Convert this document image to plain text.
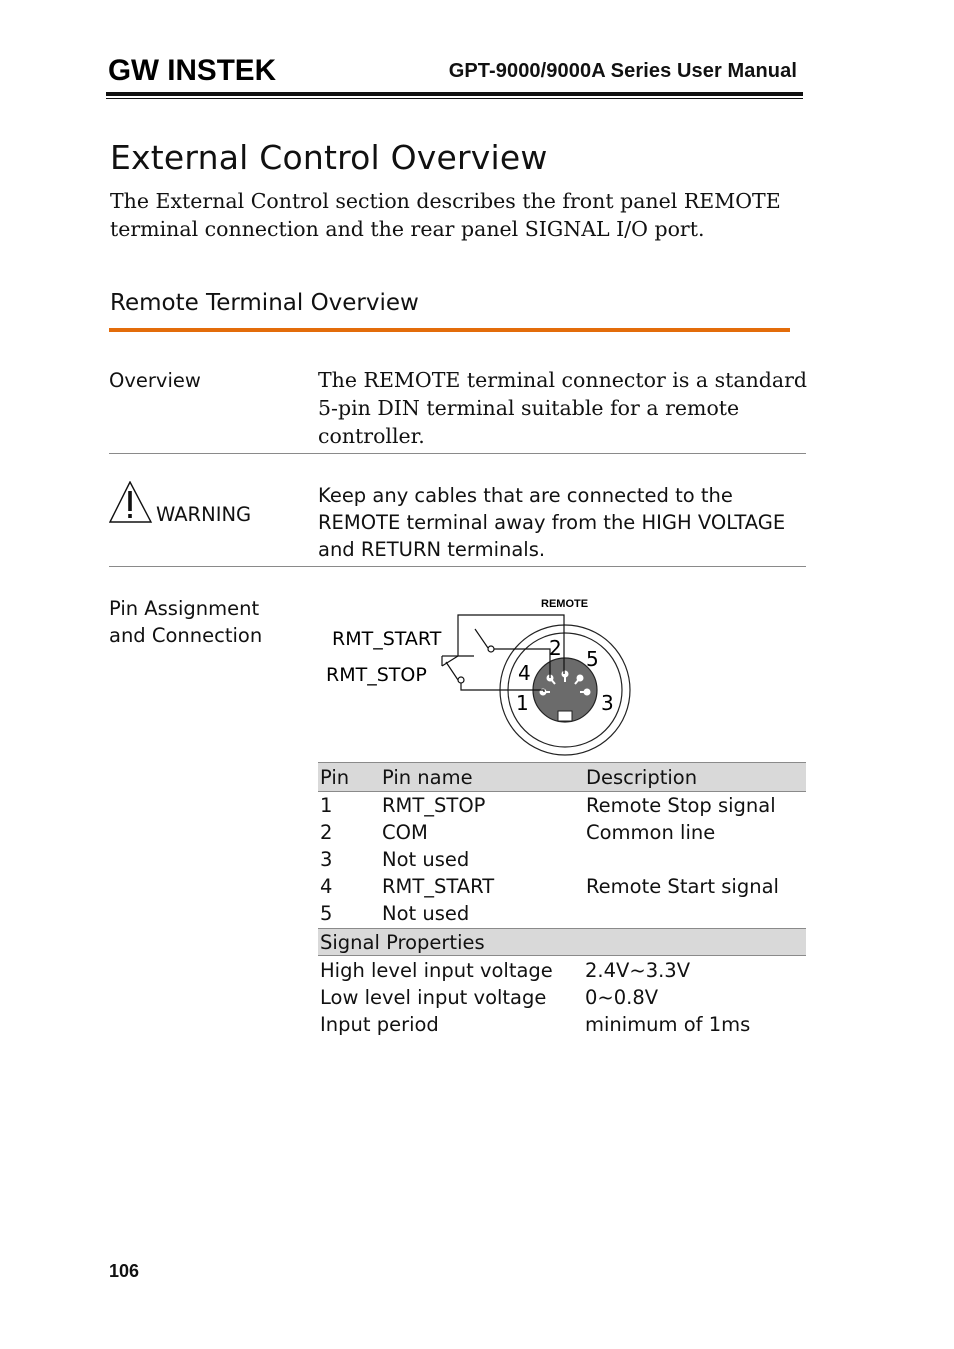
GW INSTEK	GPT-9000/9000A Series User Manual
External Control Overview
The External Control section describes the front panel REMOTE terminal connection and the rear panel SIGNAL I/O port.
Remote Terminal Overview
Overview	The REMOTE terminal connector is a standard 5-pin DIN terminal suitable for a remote controller.
WARNING
Keep any cables that are connected to the REMOTE terminal away from the HIGH VOLTAGE and RETURN terminals.
Pin Assignment
and Connection
REMOTE
RMT_START
RMT_STOP
2 5
4
1	3
Pin	Pin name	Description
1	RMT_STOP	Remote Stop signal
2	COM	Common line
3	Not used	
4	RMT_START	Remote Start signal
5	Not used	
Signal Properties
High level input voltage 2.4V~3.3V
Low level input voltage 0~0.8V
Input period	minimum of 1ms
106
